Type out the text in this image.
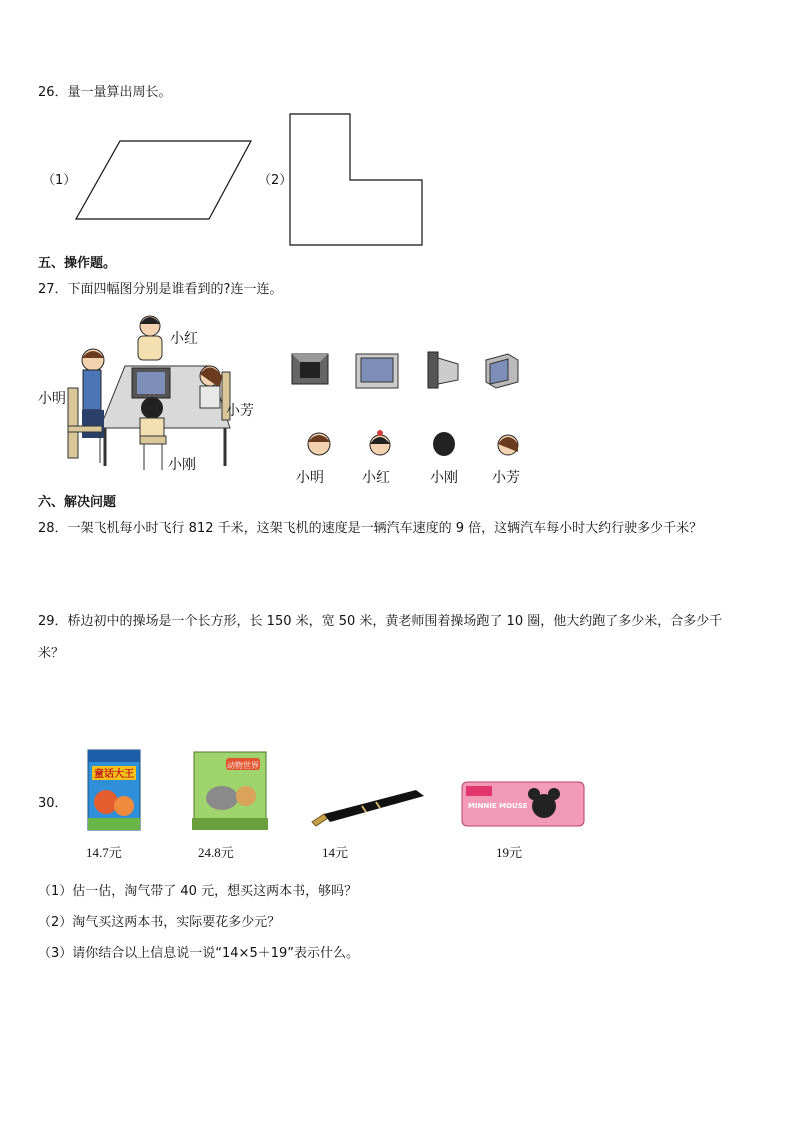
26．量一量算出周长。
（1）	（2）
五、操作题。
27．下面四幅图分别是谁看到的?连一连。
小红
小明
小芳
小刚
小明	小红	小刚 小芳
六、解决问题
28．一架飞机每小时飞行 812 千米，这架飞机的速度是一辆汽车速度的 9 倍，这辆汽车每小时大约行驶多少千米？
29．桥边初中的操场是一个长方形，长 150 米，宽 50 米，黄老师围着操场跑了 10 圈，他大约跑了多少米，合多少千
米？
30．
童话大王
动物世界
MINNIE MOUSE
14.7元	24.8元	14元	19元
（1）估一估，淘气带了 40 元，想买这两本书，够吗？
（2）淘气买这两本书，实际要花多少元？
（3）请你结合以上信息说一说“14×5＋19”表示什么。
